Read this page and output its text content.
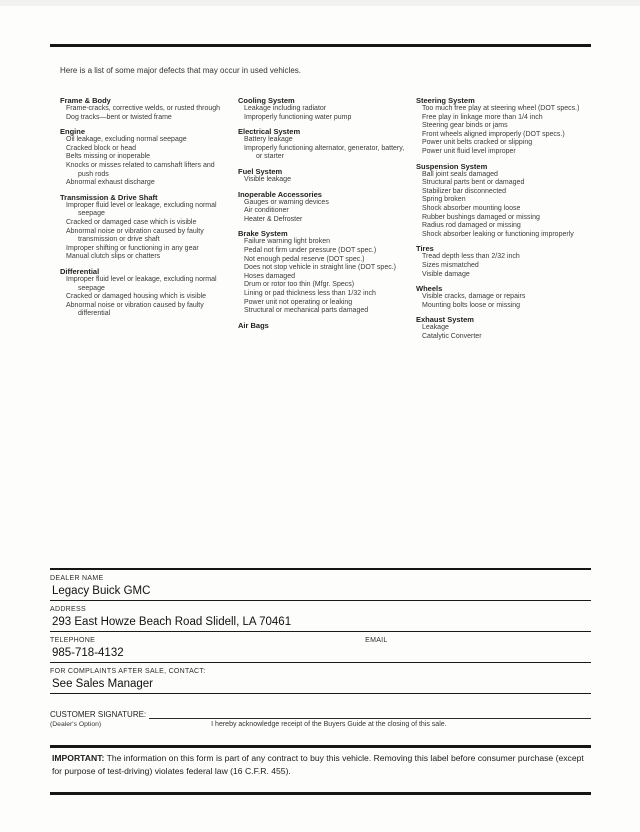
Here is a list of some major defects that may occur in used vehicles.

Frame & Body
Frame-cracks, corrective welds, or rusted through
Dog tracks—bent or twisted frame
Engine
Oil leakage, excluding normal seepage
Cracked block or head
Belts missing or inoperable
Knocks or misses related to camshaft lifters and push rods
Abnormal exhaust discharge
Transmission & Drive Shaft
Improper fluid level or leakage, excluding normal seepage
Cracked or damaged case which is visible
Abnormal noise or vibration caused by faulty transmission or drive shaft
Improper shifting or functioning in any gear
Manual clutch slips or chatters
Differential
Improper fluid level or leakage, excluding normal seepage
Cracked or damaged housing which is visible
Abnormal noise or vibration caused by faulty differential
Cooling System
Leakage including radiator
Improperly functioning water pump
Electrical System
Battery leakage
Improperly functioning alternator, generator, battery, or starter
Fuel System
Visible leakage
Inoperable Accessories
Gauges or warning devices
Air conditioner
Heater & Defroster
Brake System
Failure warning light broken
Pedal not firm under pressure (DOT spec.)
Not enough pedal reserve (DOT spec.)
Does not stop vehicle in straight line (DOT spec.)
Hoses damaged
Drum or rotor too thin (Mfgr. Specs)
Lining or pad thickness less than 1/32 inch
Power unit not operating or leaking
Structural or mechanical parts damaged
Air Bags
Steering System
Too much free play at steering wheel (DOT specs.)
Free play in linkage more than 1/4 inch
Steering gear binds or jams
Front wheels aligned improperly (DOT specs.)
Power unit belts cracked or slipping
Power unit fluid level improper
Suspension System
Ball joint seals damaged
Structural parts bent or damaged
Stabilizer bar disconnected
Spring broken
Shock absorber mounting loose
Rubber bushings damaged or missing
Radius rod damaged or missing
Shock absorber leaking or functioning improperly
Tires
Tread depth less than 2/32 inch
Sizes mismatched
Visible damage
Wheels
Visible cracks, damage or repairs
Mounting bolts loose or missing
Exhaust System
Leakage
Catalytic Converter
DEALER NAME
Legacy Buick GMC
ADDRESS
293 East Howze Beach Road Slidell, LA 70461
TELEPHONE	EMAIL
985-718-4132
FOR COMPLAINTS AFTER SALE, CONTACT:
See Sales Manager
CUSTOMER SIGNATURE:
(Dealer's Option)	I hereby acknowledge receipt of the Buyers Guide at the closing of this sale.

IMPORTANT: The information on this form is part of any contract to buy this vehicle. Removing this label before consumer purchase (except for purpose of test-driving) violates federal law (16 C.F.R. 455).
